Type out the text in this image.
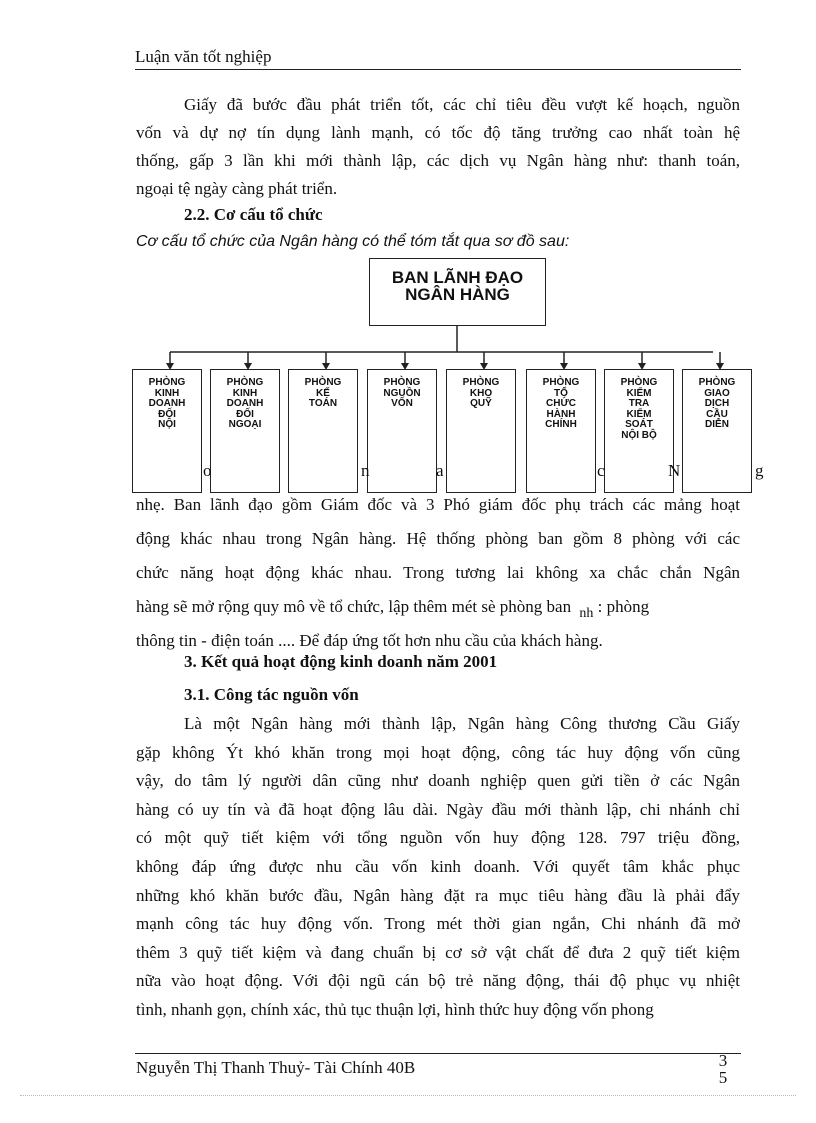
Luận văn tốt nghiệp
Giấy đã bước đầu phát triển tốt, các chỉ tiêu đều vượt kế hoạch, nguồn
vốn và dự nợ tín dụng lành mạnh, có tốc độ tăng trưởng cao nhất toàn hệ
thống, gấp 3 lần khi mới thành lập, các dịch vụ Ngân hàng như: thanh toán,
ngoại tệ ngày càng phát triển.
2.2. Cơ cấu tổ chức
Cơ cấu tổ chức của Ngân hàng có thể tóm tắt qua sơ đồ sau:
BAN LÃNH ĐẠO
NGÂN HÀNG
PHÒNG
KINH
DOANH
ĐỐI
NỘI
PHÒNG
KINH
DOANH
ĐỐI
NGOẠI
PHÒNG
KẾ
TOÁN
PHÒNG
NGUỒN
VỐN
PHÒNG
KHO
QUỸ
PHÒNG
TỔ
CHỨC
HÀNH
CHÍNH
PHÒNG
KIỂM
TRA
KIỂM
SOÁT
NỘI BỘ
PHÒNG
GIAO
DỊCH
CẦU
DIỄN
o	n	a	c	N	g
nhẹ. Ban lãnh đạo gồm Giám đốc và 3 Phó giám đốc phụ trách các mảng hoạt
động khác nhau trong Ngân hàng. Hệ thống phòng ban gồm 8 phòng với các
chức năng hoạt động khác nhau. Trong tương lai không xa chắc chắn Ngân
hàng sẽ mở rộng quy mô về tổ chức, lập thêm mét sè phòng ban $_{nh}$ : phòng
thông tin - điện toán .... Để đáp ứng tốt hơn nhu cầu của khách hàng.
3. Kết quả hoạt động kinh doanh năm 2001
3.1. Công tác nguồn vốn
Là một Ngân hàng mới thành lập, Ngân hàng Công thương Cầu Giấy
gặp không Ýt khó khăn trong mọi hoạt động, công tác huy động vốn cũng
vậy, do tâm lý người dân cũng như doanh nghiệp quen gửi tiền ở các Ngân
hàng có uy tín và đã hoạt động lâu dài. Ngày đầu mới thành lập, chi nhánh chỉ
có một quỹ tiết kiệm với tổng nguồn vốn huy động 128. 797 triệu đồng,
không đáp ứng được nhu cầu vốn kinh doanh. Với quyết tâm khắc phục
những khó khăn bước đầu, Ngân hàng đặt ra mục tiêu hàng đầu là phải đẩy
mạnh công tác huy động vốn. Trong mét thời gian ngắn, Chi nhánh đã mở
thêm 3 quỹ tiết kiệm và đang chuẩn bị cơ sở vật chất để đưa 2 quỹ tiết kiệm
nữa vào hoạt động. Với đội ngũ cán bộ trẻ năng động, thái độ phục vụ nhiệt
tình, nhanh gọn, chính xác, thủ tục thuận lợi, hình thức huy động vốn phong
Nguyễn Thị Thanh Thuỷ- Tài Chính 40B	3
5
